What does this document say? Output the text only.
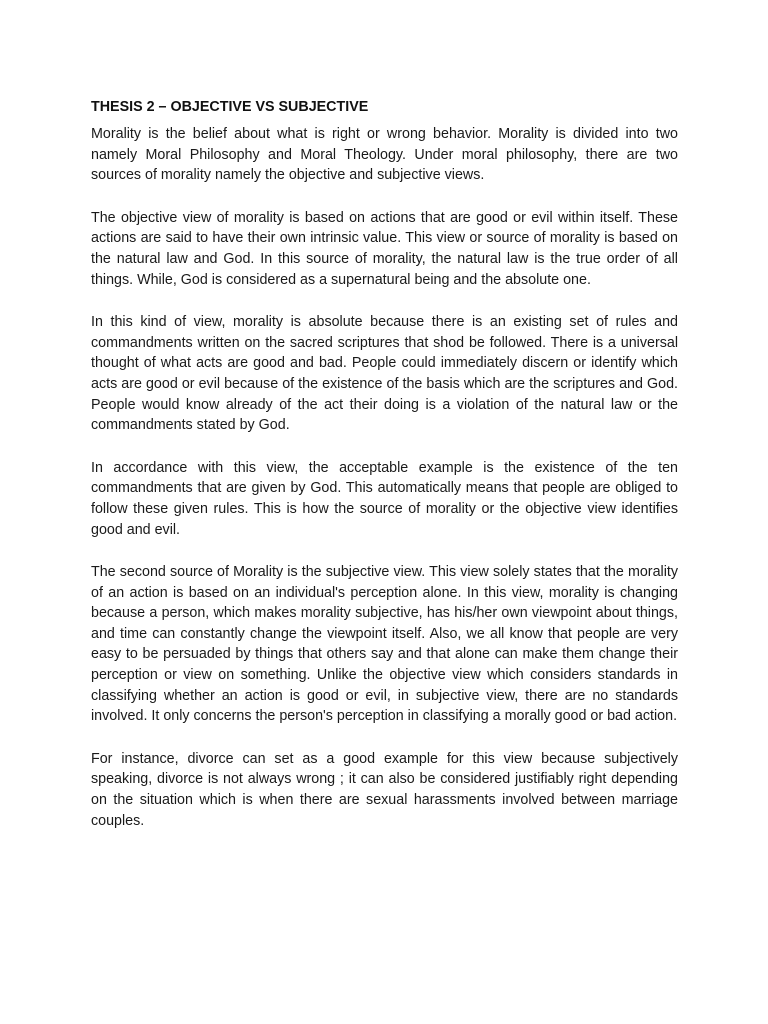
THESIS 2 – OBJECTIVE VS SUBJECTIVE

Morality is the belief about what is right or wrong behavior. Morality is divided into two namely Moral Philosophy and Moral Theology. Under moral philosophy, there are two sources of morality namely the objective and subjective views.

The objective view of morality is based on actions that are good or evil within itself. These actions are said to have their own intrinsic value. This view or source of morality is based on the natural law and God. In this source of morality, the natural law is the true order of all things. While, God is considered as a supernatural being and the absolute one.

In this kind of view, morality is absolute because there is an existing set of rules and commandments written on the sacred scriptures that shod be followed. There is a universal thought of what acts are good and bad. People could immediately discern or identify which acts are good or evil because of the existence of the basis which are the scriptures and God. People would know already of the act their doing is a violation of the natural law or the commandments stated by God.

In accordance with this view, the acceptable example is the existence of the ten commandments that are given by God. This automatically means that people are obliged to follow these given rules. This is how the source of morality or the objective view identifies good and evil.

The second source of Morality is the subjective view. This view solely states that the morality of an action is based on an individual's perception alone. In this view, morality is changing because a person, which makes morality subjective, has his/her own viewpoint about things, and time can constantly change the viewpoint itself. Also, we all know that people are very easy to be persuaded by things that others say and that alone can make them change their perception or view on something. Unlike the objective view which considers standards in classifying whether an action is good or evil, in subjective view, there are no standards involved. It only concerns the person's perception in classifying a morally good or bad action.

For instance, divorce can set as a good example for this view because subjectively speaking, divorce is not always wrong ; it can also be considered justifiably right depending on the situation which is when there are sexual harassments involved between marriage couples.
